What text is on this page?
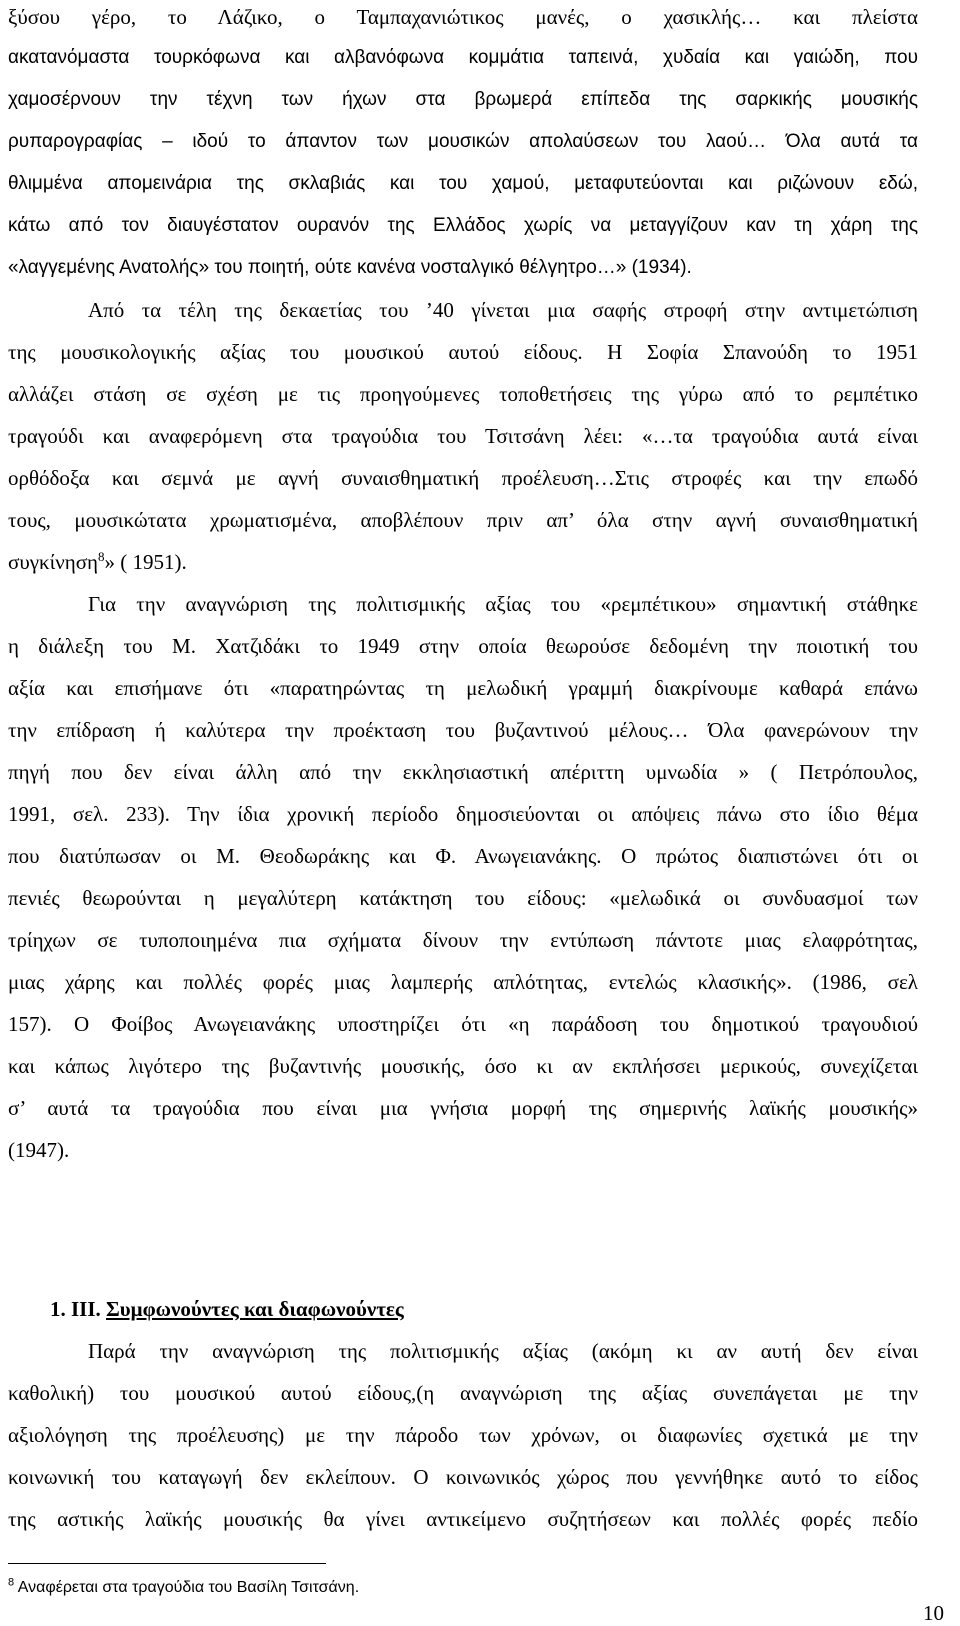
ξύσου γέρο, το Λάζικο, ο Ταμπαχανιώτικος μανές, ο χασικλής… και πλείστα
ακατανόμαστα τουρκόφωνα και αλβανόφωνα κομμάτια ταπεινά, χυδαία και γαιώδη, που
χαμοσέρνουν την τέχνη των ήχων στα βρωμερά επίπεδα της σαρκικής μουσικής
ρυπαρογραφίας – ιδού το άπαντον των μουσικών απολαύσεων του λαού… Όλα αυτά τα
θλιμμένα απομεινάρια της σκλαβιάς και του χαμού, μεταφυτεύονται και ριζώνουν εδώ,
κάτω από τον διαυγέστατον ουρανόν της Ελλάδος χωρίς να μεταγγίζουν καν τη χάρη της
«λαγγεμένης Ανατολής» του ποιητή, ούτε κανένα νοσταλγικό θέλγητρο…» (1934).
Από τα τέλη της δεκαετίας του ’40 γίνεται μια σαφής στροφή στην αντιμετώπιση
της μουσικολογικής αξίας του μουσικού αυτού είδους. Η Σοφία Σπανούδη το 1951
αλλάζει στάση σε σχέση με τις προηγούμενες τοποθετήσεις της γύρω από το ρεμπέτικο
τραγούδι και αναφερόμενη στα τραγούδια του Τσιτσάνη λέει: «…τα τραγούδια αυτά είναι
ορθόδοξα και σεμνά με αγνή συναισθηματική προέλευση…Στις στροφές και την επωδό
τους, μουσικώτατα χρωματισμένα, αποβλέπουν πριν απ’ όλα στην αγνή συναισθηματική
συγκίνηση$^8$» ( 1951).
Για την αναγνώριση της πολιτισμικής αξίας του «ρεμπέτικου» σημαντική στάθηκε
η διάλεξη του Μ. Χατζιδάκι το 1949 στην οποία θεωρούσε δεδομένη την ποιοτική του
αξία και επισήμανε ότι «παρατηρώντας τη μελωδική γραμμή διακρίνουμε καθαρά επάνω
την επίδραση ή καλύτερα την προέκταση του βυζαντινού μέλους… Όλα φανερώνουν την
πηγή που δεν είναι άλλη από την εκκλησιαστική απέριττη υμνωδία » ( Πετρόπουλος,
1991, σελ. 233). Την ίδια χρονική περίοδο δημοσιεύονται οι απόψεις πάνω στο ίδιο θέμα
που διατύπωσαν οι Μ. Θεοδωράκης και Φ. Ανωγειανάκης. Ο πρώτος διαπιστώνει ότι οι
πενιές θεωρούνται η μεγαλύτερη κατάκτηση του είδους: «μελωδικά οι συνδυασμοί των
τρίηχων σε τυποποιημένα πια σχήματα δίνουν την εντύπωση πάντοτε μιας ελαφρότητας,
μιας χάρης και πολλές φορές μιας λαμπερής απλότητας, εντελώς κλασικής». (1986, σελ
157). Ο Φοίβος Ανωγειανάκης υποστηρίζει ότι «η παράδοση του δημοτικού τραγουδιού
και κάπως λιγότερο της βυζαντινής μουσικής, όσο κι αν εκπλήσσει μερικούς, συνεχίζεται
σ’ αυτά τα τραγούδια που είναι μια γνήσια μορφή της σημερινής λαϊκής μουσικής»
(1947).
1. ΙΙΙ. Συμφωνούντες και διαφωνούντες
Παρά την αναγνώριση της πολιτισμικής αξίας (ακόμη κι αν αυτή δεν είναι
καθολική) του μουσικού αυτού είδους,(η αναγνώριση της αξίας συνεπάγεται με την
αξιολόγηση της προέλευσης) με την πάροδο των χρόνων, οι διαφωνίες σχετικά με την
κοινωνική του καταγωγή δεν εκλείπουν. Ο κοινωνικός χώρος που γεννήθηκε αυτό το είδος
της αστικής λαϊκής μουσικής θα γίνει αντικείμενο συζητήσεων και πολλές φορές πεδίο
$^8$ Αναφέρεται στα τραγούδια του Βασίλη Τσιτσάνη.
10
